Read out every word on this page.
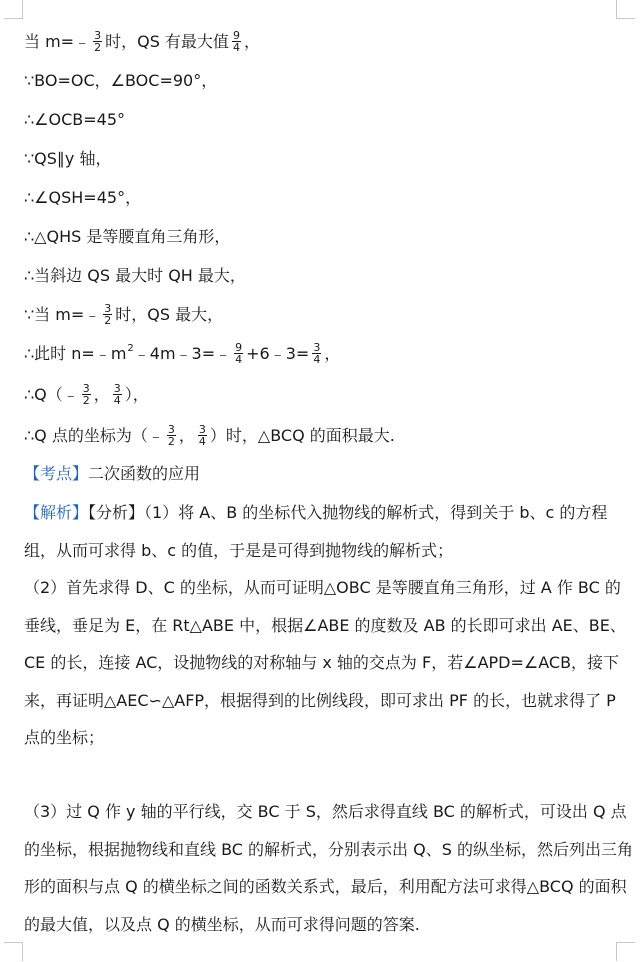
当 m=﹣ $\frac{3}{2}$ 时，QS 有最大值 $\frac{9}{4}$ ，
∵BO=OC，∠BOC=90°，
∴∠OCB=45°
∵QS∥y 轴，
∴∠QSH=45°，
∴△QHS 是等腰直角三角形，
∴当斜边 QS 最大时 QH 最大，
∵当 m=﹣ $\frac{3}{2}$ 时，QS 最大，
∴此时 $n=﹣m^2﹣4m﹣3=﹣ \frac{9}{4}$ +6﹣3= $\frac{3}{4}$ ，
∴Q（﹣ $\frac{3}{2}$ ， $\frac{3}{4}$ ），
∴Q 点的坐标为（﹣ $\frac{3}{2}$ ， $\frac{3}{4}$ ）时，△BCQ 的面积最大.
【考点】二次函数的应用
【解析】【分析】（1）将 A、B 的坐标代入抛物线的解析式，得到关于 b、c 的方程组，从而可求得 b、c 的值，于是是可得到抛物线的解析式；
（2）首先求得 D、C 的坐标，从而可证明△OBC 是等腰直角三角形，过 A 作 BC 的垂线，垂足为 E，在 Rt△ABE 中，根据∠ABE 的度数及 AB 的长即可求出 AE、BE、CE 的长，连接 AC，设抛物线的对称轴与 x 轴的交点为 F，若∠APD=∠ACB，接下来，再证明△AEC∽△AFP，根据得到的比例线段，即可求出 PF 的长，也就求得了 P 点的坐标；
（3）过 Q 作 y 轴的平行线，交 BC 于 S，然后求得直线 BC 的解析式，可设出 Q 点的坐标，根据抛物线和直线 BC 的解析式，分别表示出 Q、S 的纵坐标，然后列出三角形的面积与点 Q 的横坐标之间的函数关系式，最后，利用配方法可求得△BCQ 的面积的最大值，以及点 Q 的横坐标，从而可求得问题的答案.
